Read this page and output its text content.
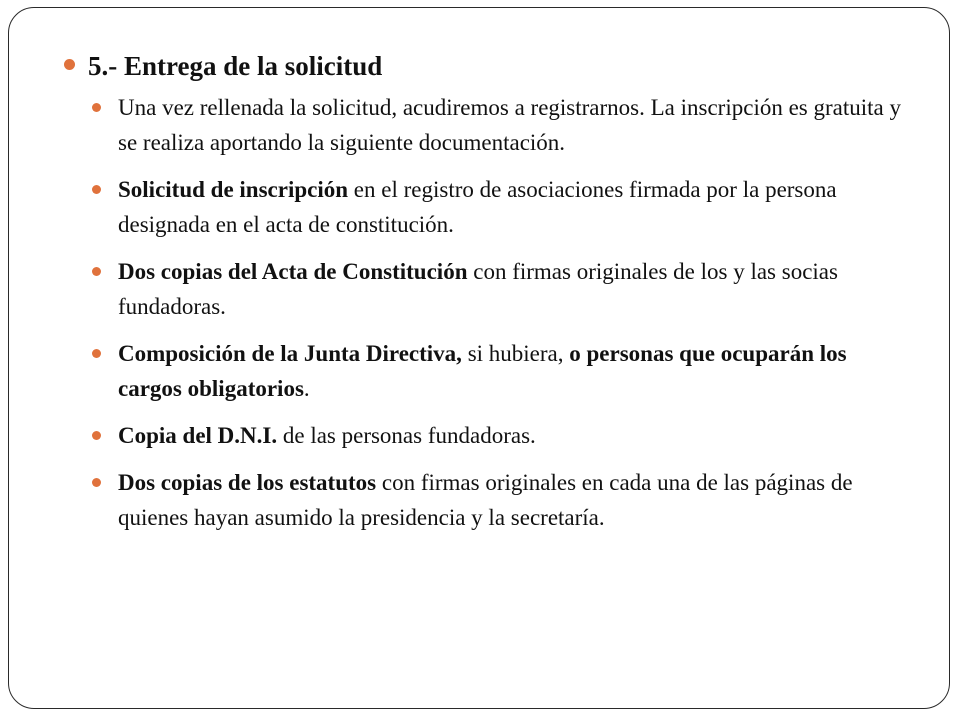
5.- Entrega de la solicitud
Una vez rellenada la solicitud, acudiremos a registrarnos. La inscripción es gratuita y se realiza aportando la siguiente documentación.
Solicitud de inscripción en el registro de asociaciones firmada por la persona designada en el acta de constitución.
Dos copias del Acta de Constitución con firmas originales de los y las socias fundadoras.
Composición de la Junta Directiva, si hubiera, o personas que ocuparán los cargos obligatorios.
Copia del D.N.I. de las personas fundadoras.
Dos copias de los estatutos con firmas originales en cada una de las páginas de quienes hayan asumido la presidencia y la secretaría.
